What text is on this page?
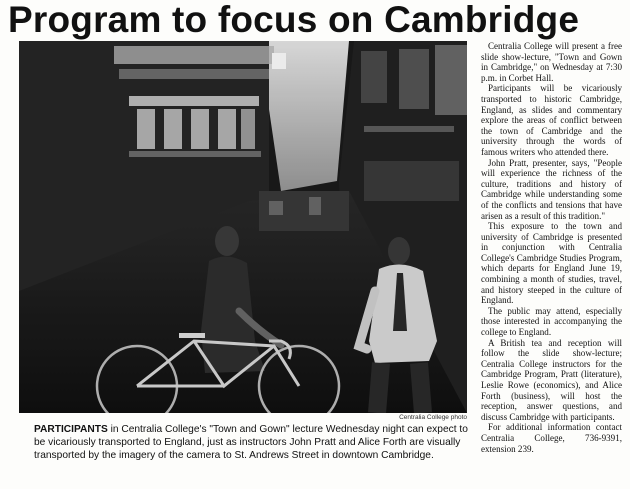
Program to focus on Cambridge
Centralia College photo

PARTICIPANTS in Centralia College's "Town and Gown" lecture Wednesday night can expect to be vicariously transported to England, just as instructors John Pratt and Alice Forth are visually transported by the imagery of the camera to St. Andrews Street in downtown Cambridge.

Centralia College will present a free slide show-lecture, "Town and Gown in Cambridge," on Wednesday at 7:30 p.m. in Corbet Hall.

Participants will be vicariously transported to historic Cambridge, England, as slides and commentary explore the areas of conflict between the town of Cambridge and the university through the words of famous writers who attended there.

John Pratt, presenter, says, "People will experience the richness of the culture, traditions and history of Cambridge while understanding some of the conflicts and tensions that have arisen as a result of this tradition."

This exposure to the town and university of Cambridge is presented in conjunction with Centralia College's Cambridge Studies Program, which departs for England June 19, combining a month of studies, travel, and history steeped in the culture of England.

The public may attend, especially those interested in accompanying the college to England.

A British tea and reception will follow the slide show-lecture; Centralia College instructors for the Cambridge Program, Pratt (literature), Leslie Rowe (economics), and Alice Forth (business), will host the reception, answer questions, and discuss Cambridge with participants.

For additional information contact Centralia College, 736-9391, extension 239.
